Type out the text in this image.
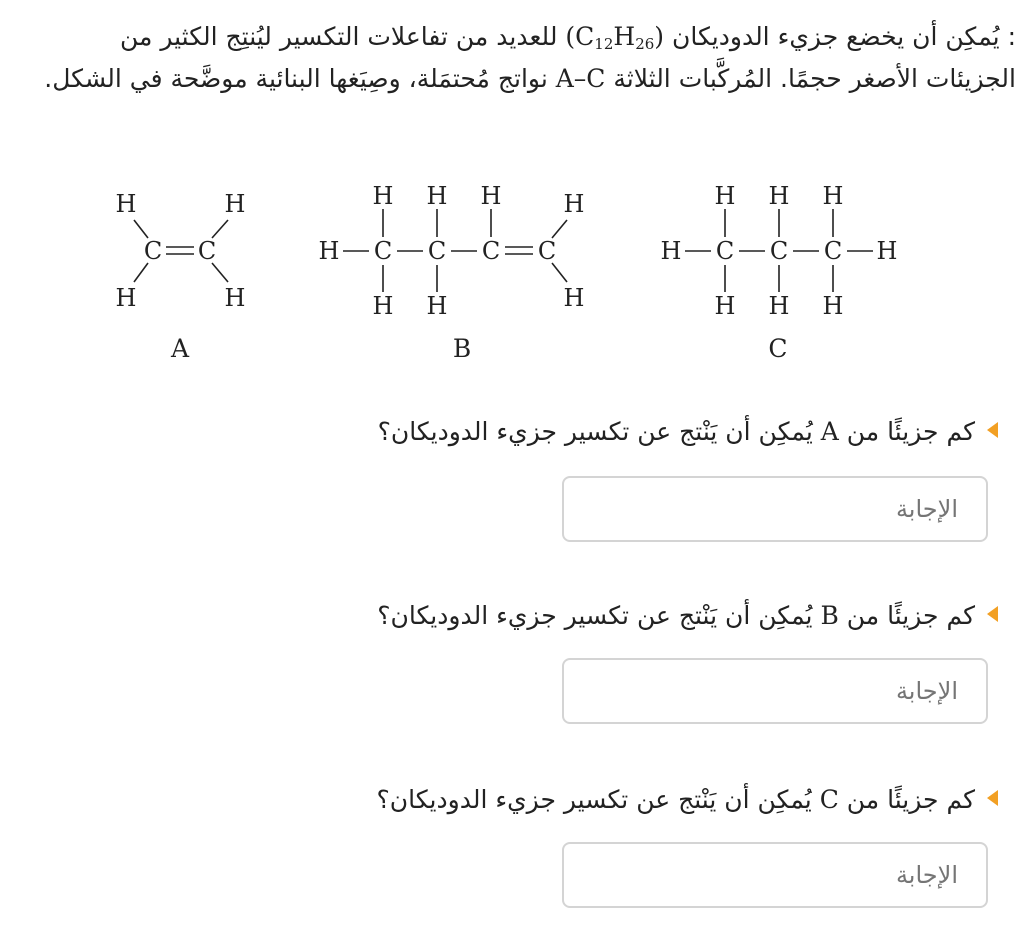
: يُمكِن أن يخضع جزيء الدوديكان $(C_{12}H_{26})$ للعديد من تفاعلات التكسير ليُنتِج الكثير من الجزيئات الأصغر حجمًا. المُركَّبات الثلاثة A–C نواتج مُحتمَلة، وصِيَغها البنائية موضَّحة في الشكل.
H	H
C C
H	H
A
H H H	H
H C C C C
H H	H
B
H H H
H C C C H
H H H
C
كم جزيئًا من A يُمكِن أن يَنْتج عن تكسير جزيء الدوديكان؟
الإجابة
كم جزيئًا من B يُمكِن أن يَنْتج عن تكسير جزيء الدوديكان؟
الإجابة
كم جزيئًا من C يُمكِن أن يَنْتج عن تكسير جزيء الدوديكان؟
الإجابة
